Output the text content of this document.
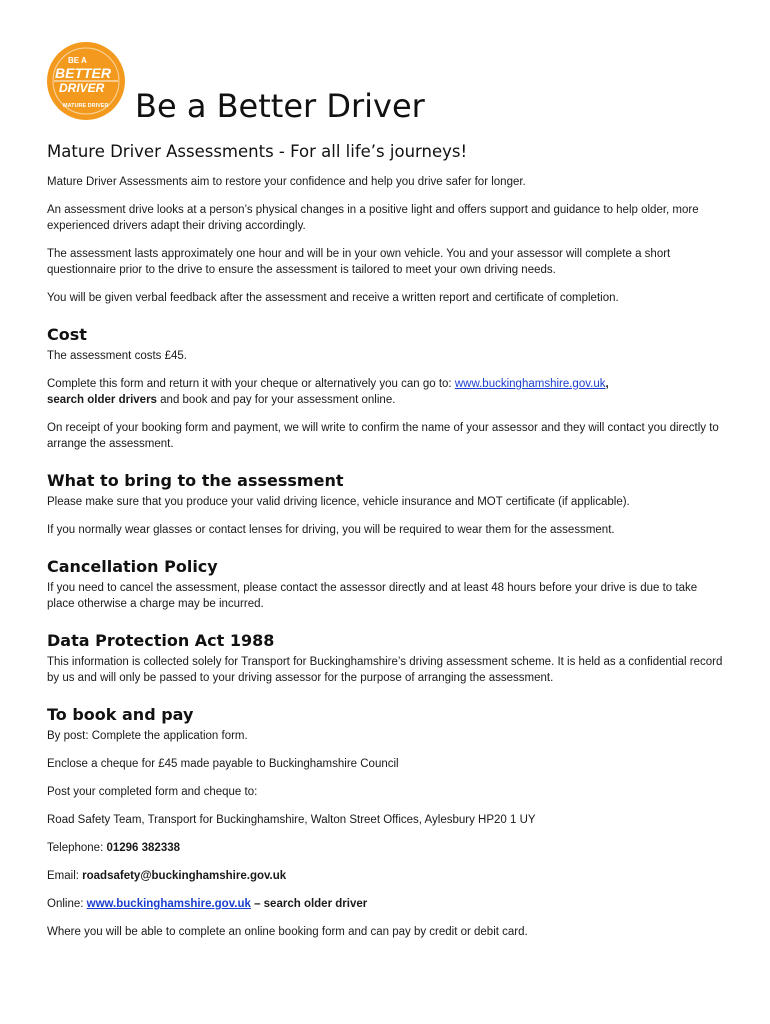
BE A
BETTER
DRIVER
MATURE DRIVER Be a Better Driver
Mature Driver Assessments - For all life’s journeys!

Mature Driver Assessments aim to restore your confidence and help you drive safer for longer.

An assessment drive looks at a person’s physical changes in a positive light and offers support and guidance to help older, more experienced drivers adapt their driving accordingly.

The assessment lasts approximately one hour and will be in your own vehicle. You and your assessor will complete a short questionnaire prior to the drive to ensure the assessment is tailored to meet your own driving needs.

You will be given verbal feedback after the assessment and receive a written report and certificate of completion.

Cost

The assessment costs £45.

Complete this form and return it with your cheque or alternatively you can go to: www.buckinghamshire.gov.uk,
search older drivers and book and pay for your assessment online.

On receipt of your booking form and payment, we will write to confirm the name of your assessor and they will contact you directly to arrange the assessment.

What to bring to the assessment

Please make sure that you produce your valid driving licence, vehicle insurance and MOT certificate (if applicable).

If you normally wear glasses or contact lenses for driving, you will be required to wear them for the assessment.

Cancellation Policy

If you need to cancel the assessment, please contact the assessor directly and at least 48 hours before your drive is due to take place otherwise a charge may be incurred.

Data Protection Act 1988

This information is collected solely for Transport for Buckinghamshire’s driving assessment scheme. It is held as a confidential record by us and will only be passed to your driving assessor for the purpose of arranging the assessment.

To book and pay

By post: Complete the application form.

Enclose a cheque for £45 made payable to Buckinghamshire Council

Post your completed form and cheque to:

Road Safety Team, Transport for Buckinghamshire, Walton Street Offices, Aylesbury HP20 1 UY

Telephone: 01296 382338

Email: roadsafety@buckinghamshire.gov.uk

Online: www.buckinghamshire.gov.uk – search older driver

Where you will be able to complete an online booking form and can pay by credit or debit card.
